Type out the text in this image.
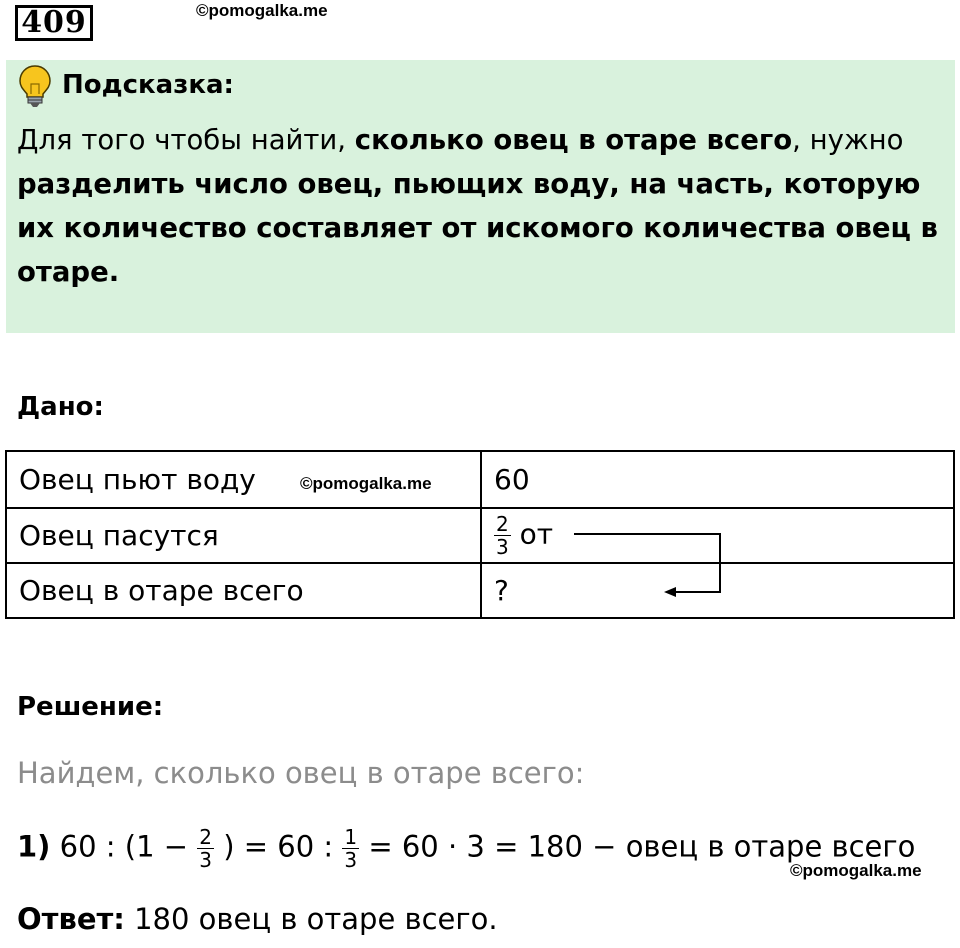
409	©pomogalka.me
Подсказка:
Для того чтобы найти, сколько овец в отаре всего, нужно разделить число овец, пьющих воду, на часть, которую их количество составляет от искомого количества овец в отаре.
Дано:
Овец пьют воду	60
Овец пасутся	$\frac{2}{3}$ от
Овец в отаре всего	?
©pomogalka.me
Решение:
Найдем, сколько овец в отаре всего:
1) 60 : ($1 - \frac{2}{3}$ ) = 60 : $\frac{1}{3} = 60 \cdot 3 = 180$ − овец в отаре всего
©pomogalka.me
Ответ: 180 овец в отаре всего.
